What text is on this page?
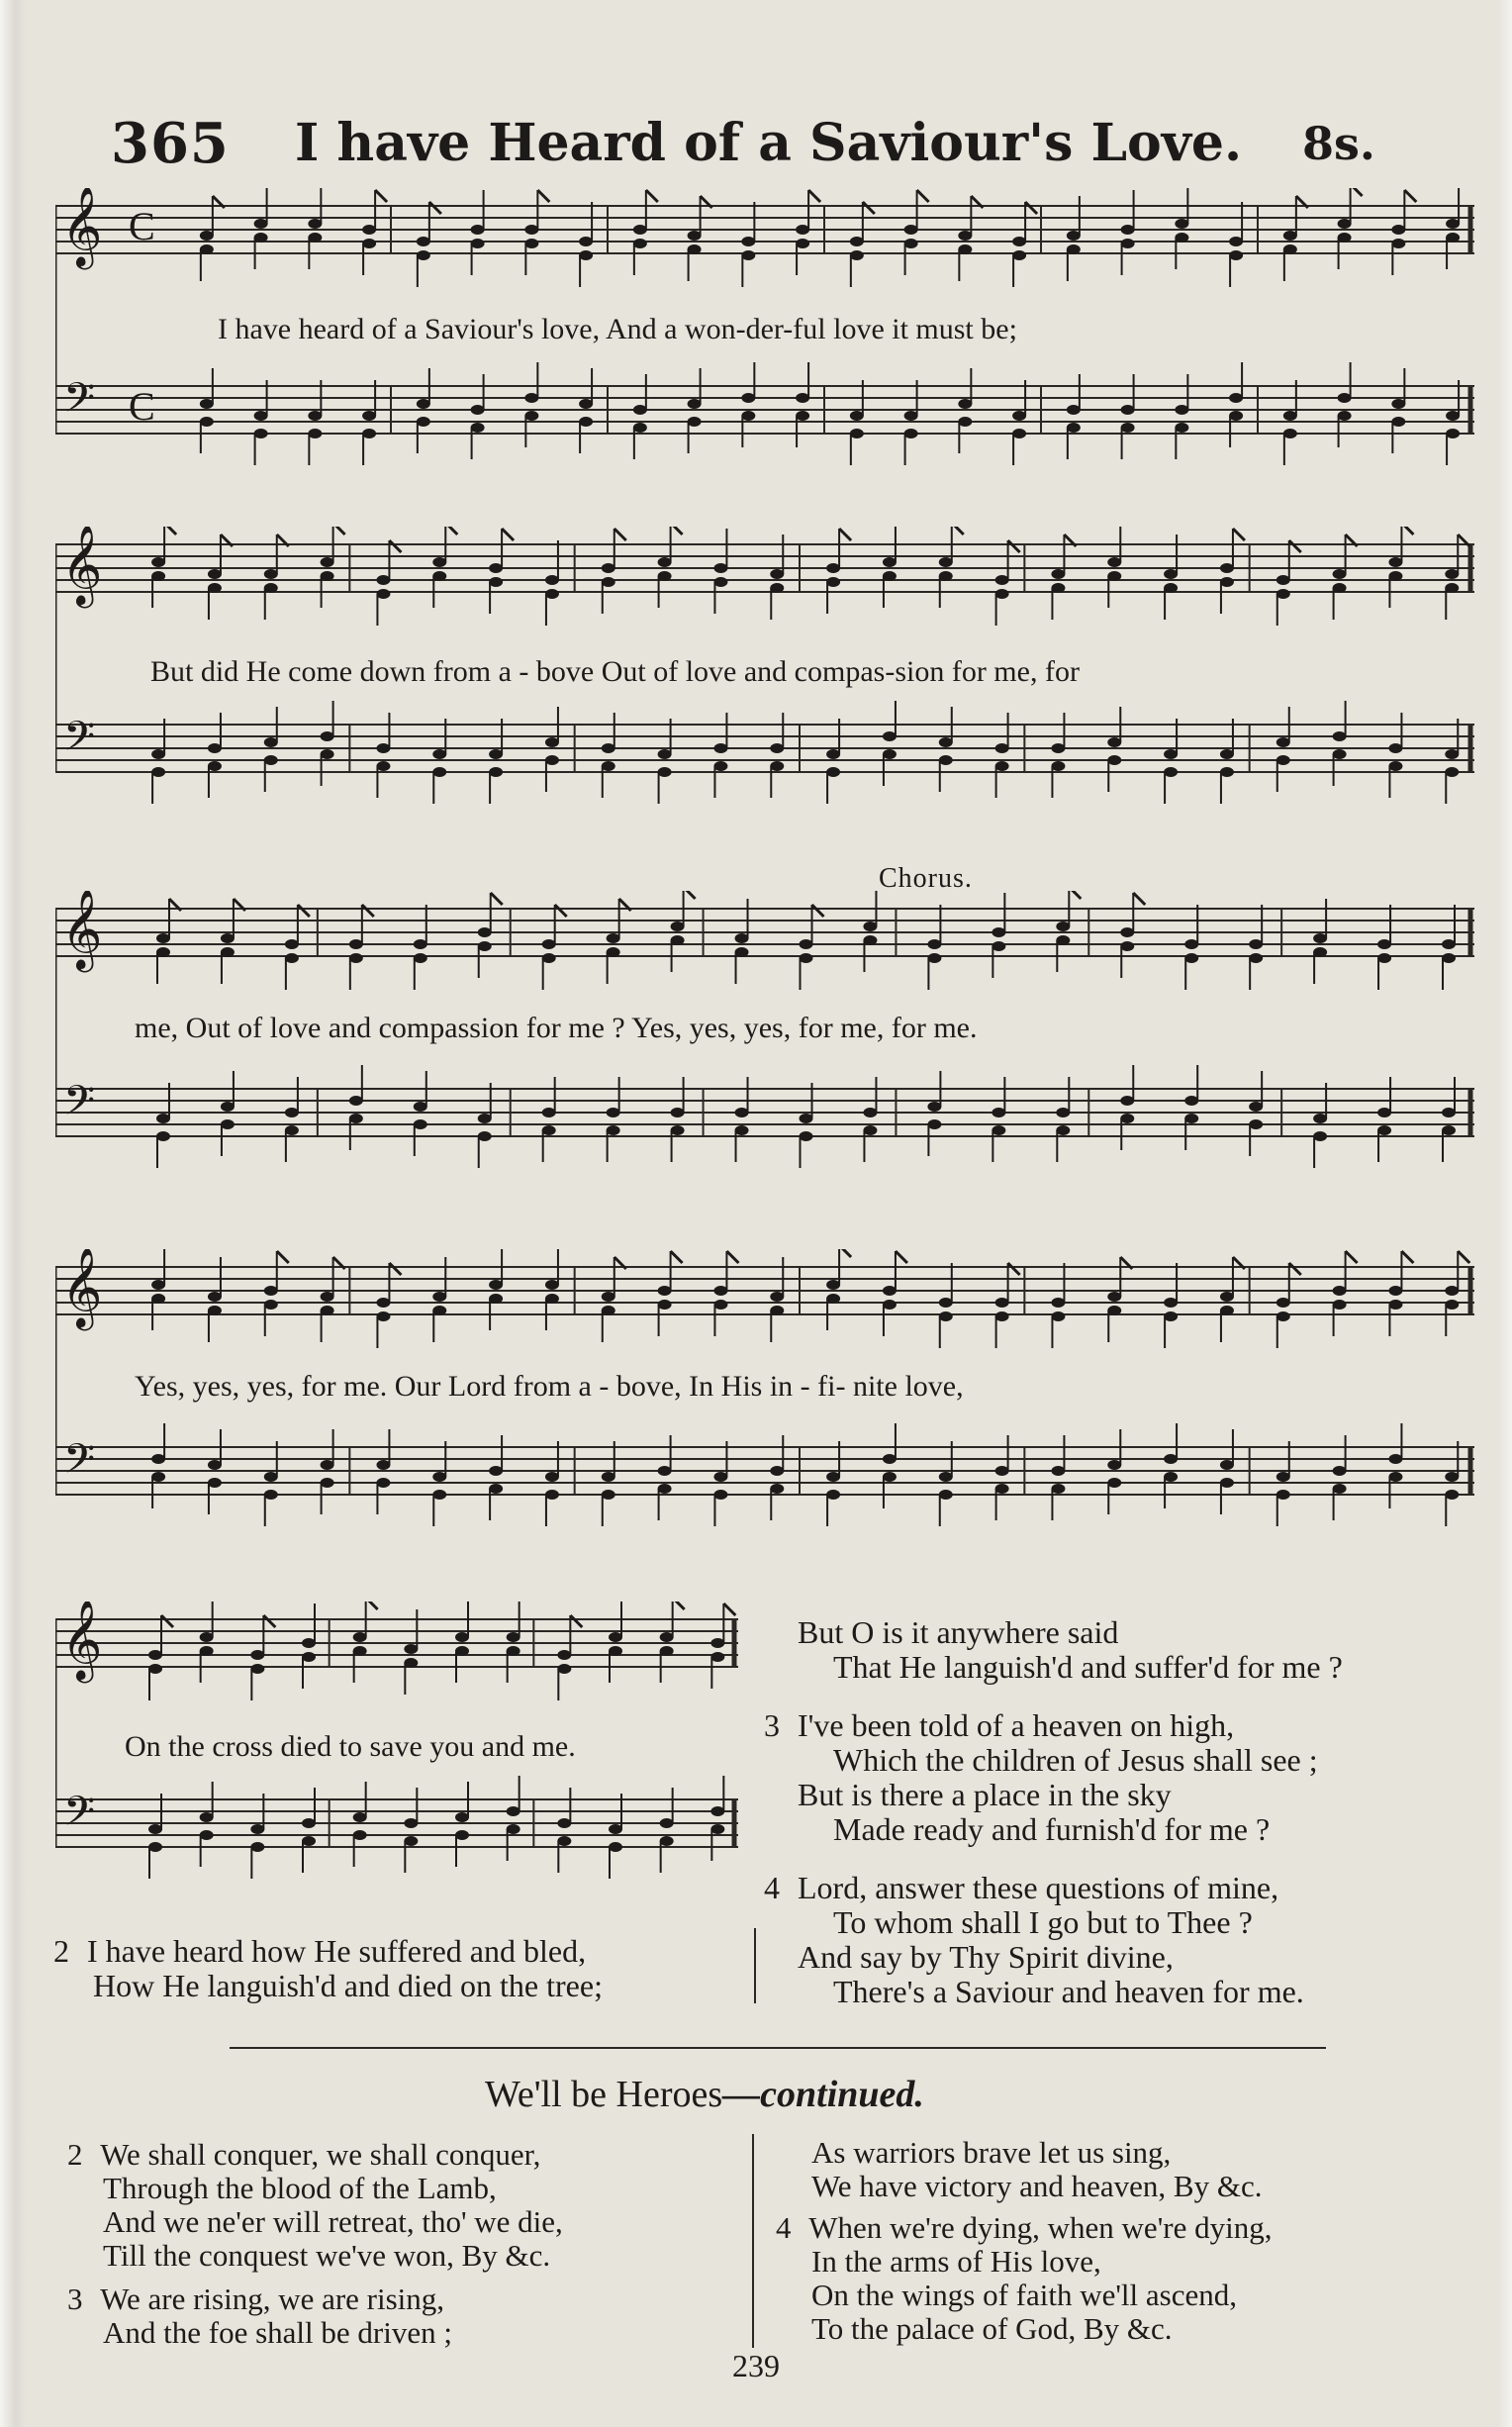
365 I have Heard of a Saviour's Love. 8s.
𝄞
𝄢
C
C
I have heard of a Saviour's love, And a won-der-ful love it must be;
𝄞
𝄢
But did He come down from a - bove Out of love and compas-sion for me, for
Chorus.
𝄞
𝄢
me, Out of love and compassion for me ? Yes, yes, yes, for me, for me.
𝄞
𝄢
Yes, yes, yes, for me. Our Lord from a - bove, In His in - fi- nite love,
𝄞
𝄢
On the cross died to save you and me.
2 I have heard how He suffered and bled,
How He languish'd and died on the tree;
But O is it anywhere said
That He languish'd and suffer'd for me ?
3 I've been told of a heaven on high,
Which the children of Jesus shall see ;
But is there a place in the sky
Made ready and furnish'd for me ?
4 Lord, answer these questions of mine,
To whom shall I go but to Thee ?
And say by Thy Spirit divine,
There's a Saviour and heaven for me.
We'll be Heroes—continued.
2 We shall conquer, we shall conquer,
Through the blood of the Lamb,
And we ne'er will retreat, tho' we die,
Till the conquest we've won, By &c.
3 We are rising, we are rising,
And the foe shall be driven ;
As warriors brave let us sing,
We have victory and heaven, By &c.
4 When we're dying, when we're dying,
In the arms of His love,
On the wings of faith we'll ascend,
To the palace of God, By &c.
239
